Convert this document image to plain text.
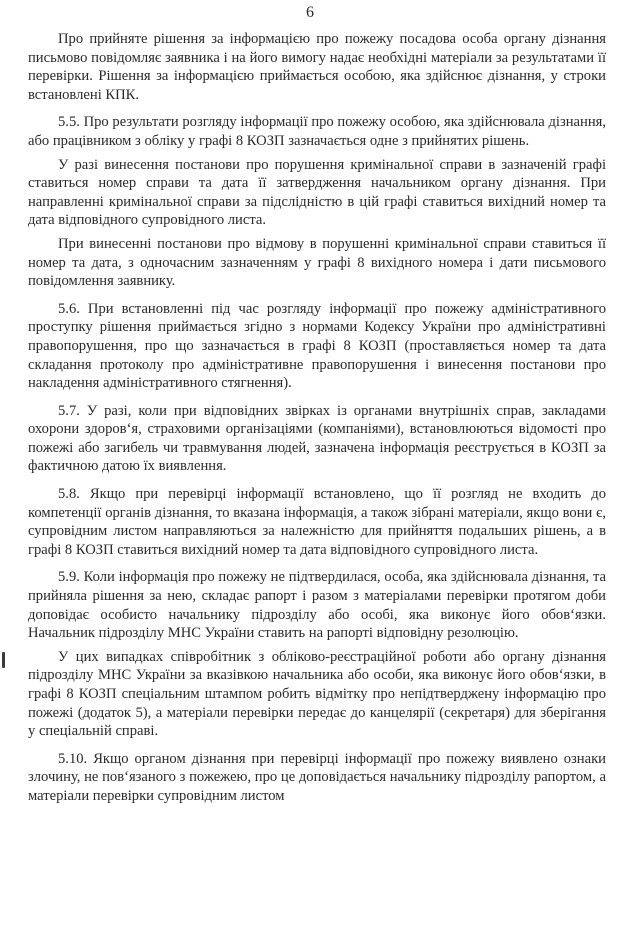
6

Про прийняте рішення за інформацією про пожежу посадова особа органу дізнання письмово повідомляє заявника і на його вимогу надає необхідні матеріали за результатами її перевірки. Рішення за інформацією приймається особою, яка здійснює дізнання, у строки встановлені КПК.

5.5. Про результати розгляду інформації про пожежу особою, яка здійснювала дізнання, або працівником з обліку у графі 8 КОЗП зазначається одне з прийнятих рішень.

У разі винесення постанови про порушення кримінальної справи в зазначеній графі ставиться номер справи та дата її затвердження начальником органу дізнання. При направленні кримінальної справи за підслідністю в цій графі ставиться вихідний номер та дата відповідного супровідного листа.

При винесенні постанови про відмову в порушенні кримінальної справи ставиться її номер та дата, з одночасним зазначенням у графі 8 вихідного номера і дати письмового повідомлення заявнику.

5.6. При встановленні під час розгляду інформації про пожежу адміністративного проступку рішення приймається згідно з нормами Кодексу України про адміністративні правопорушення, про що зазначається в графі 8 КОЗП (проставляється номер та дата складання протоколу про адміністративне правопорушення і винесення постанови про накладення адміністративного стягнення).

5.7. У разі, коли при відповідних звірках із органами внутрішніх справ, закладами охорони здоров‘я, страховими організаціями (компаніями), встановлюються відомості про пожежі або загибель чи травмування людей, зазначена інформація реєструється в КОЗП за фактичною датою їх виявлення.

5.8. Якщо при перевірці інформації встановлено, що її розгляд не входить до компетенції органів дізнання, то вказана інформація, а також зібрані матеріали, якщо вони є, супровідним листом направляються за належністю для прийняття подальших рішень, а в графі 8 КОЗП ставиться вихідний номер та дата відповідного супровідного листа.

5.9. Коли інформація про пожежу не підтвердилася, особа, яка здійснювала дізнання, та прийняла рішення за нею, складає рапорт і разом з матеріалами перевірки протягом доби доповідає особисто начальнику підрозділу або особі, яка виконує його обов‘язки. Начальник підрозділу МНС України ставить на рапорті відповідну резолюцію.

У цих випадках співробітник з обліково-реєстраційної роботи або органу дізнання підрозділу МНС України за вказівкою начальника або особи, яка виконує його обов‘язки, в графі 8 КОЗП спеціальним штампом робить відмітку про непідтверджену інформацію про пожежі (додаток 5), а матеріали перевірки передає до канцелярії (секретаря) для зберігання у спеціальній справі.

5.10. Якщо органом дізнання при перевірці інформації про пожежу виявлено ознаки злочину, не пов‘язаного з пожежею, про це доповідається начальнику підрозділу рапортом, а матеріали перевірки супровідним листом
